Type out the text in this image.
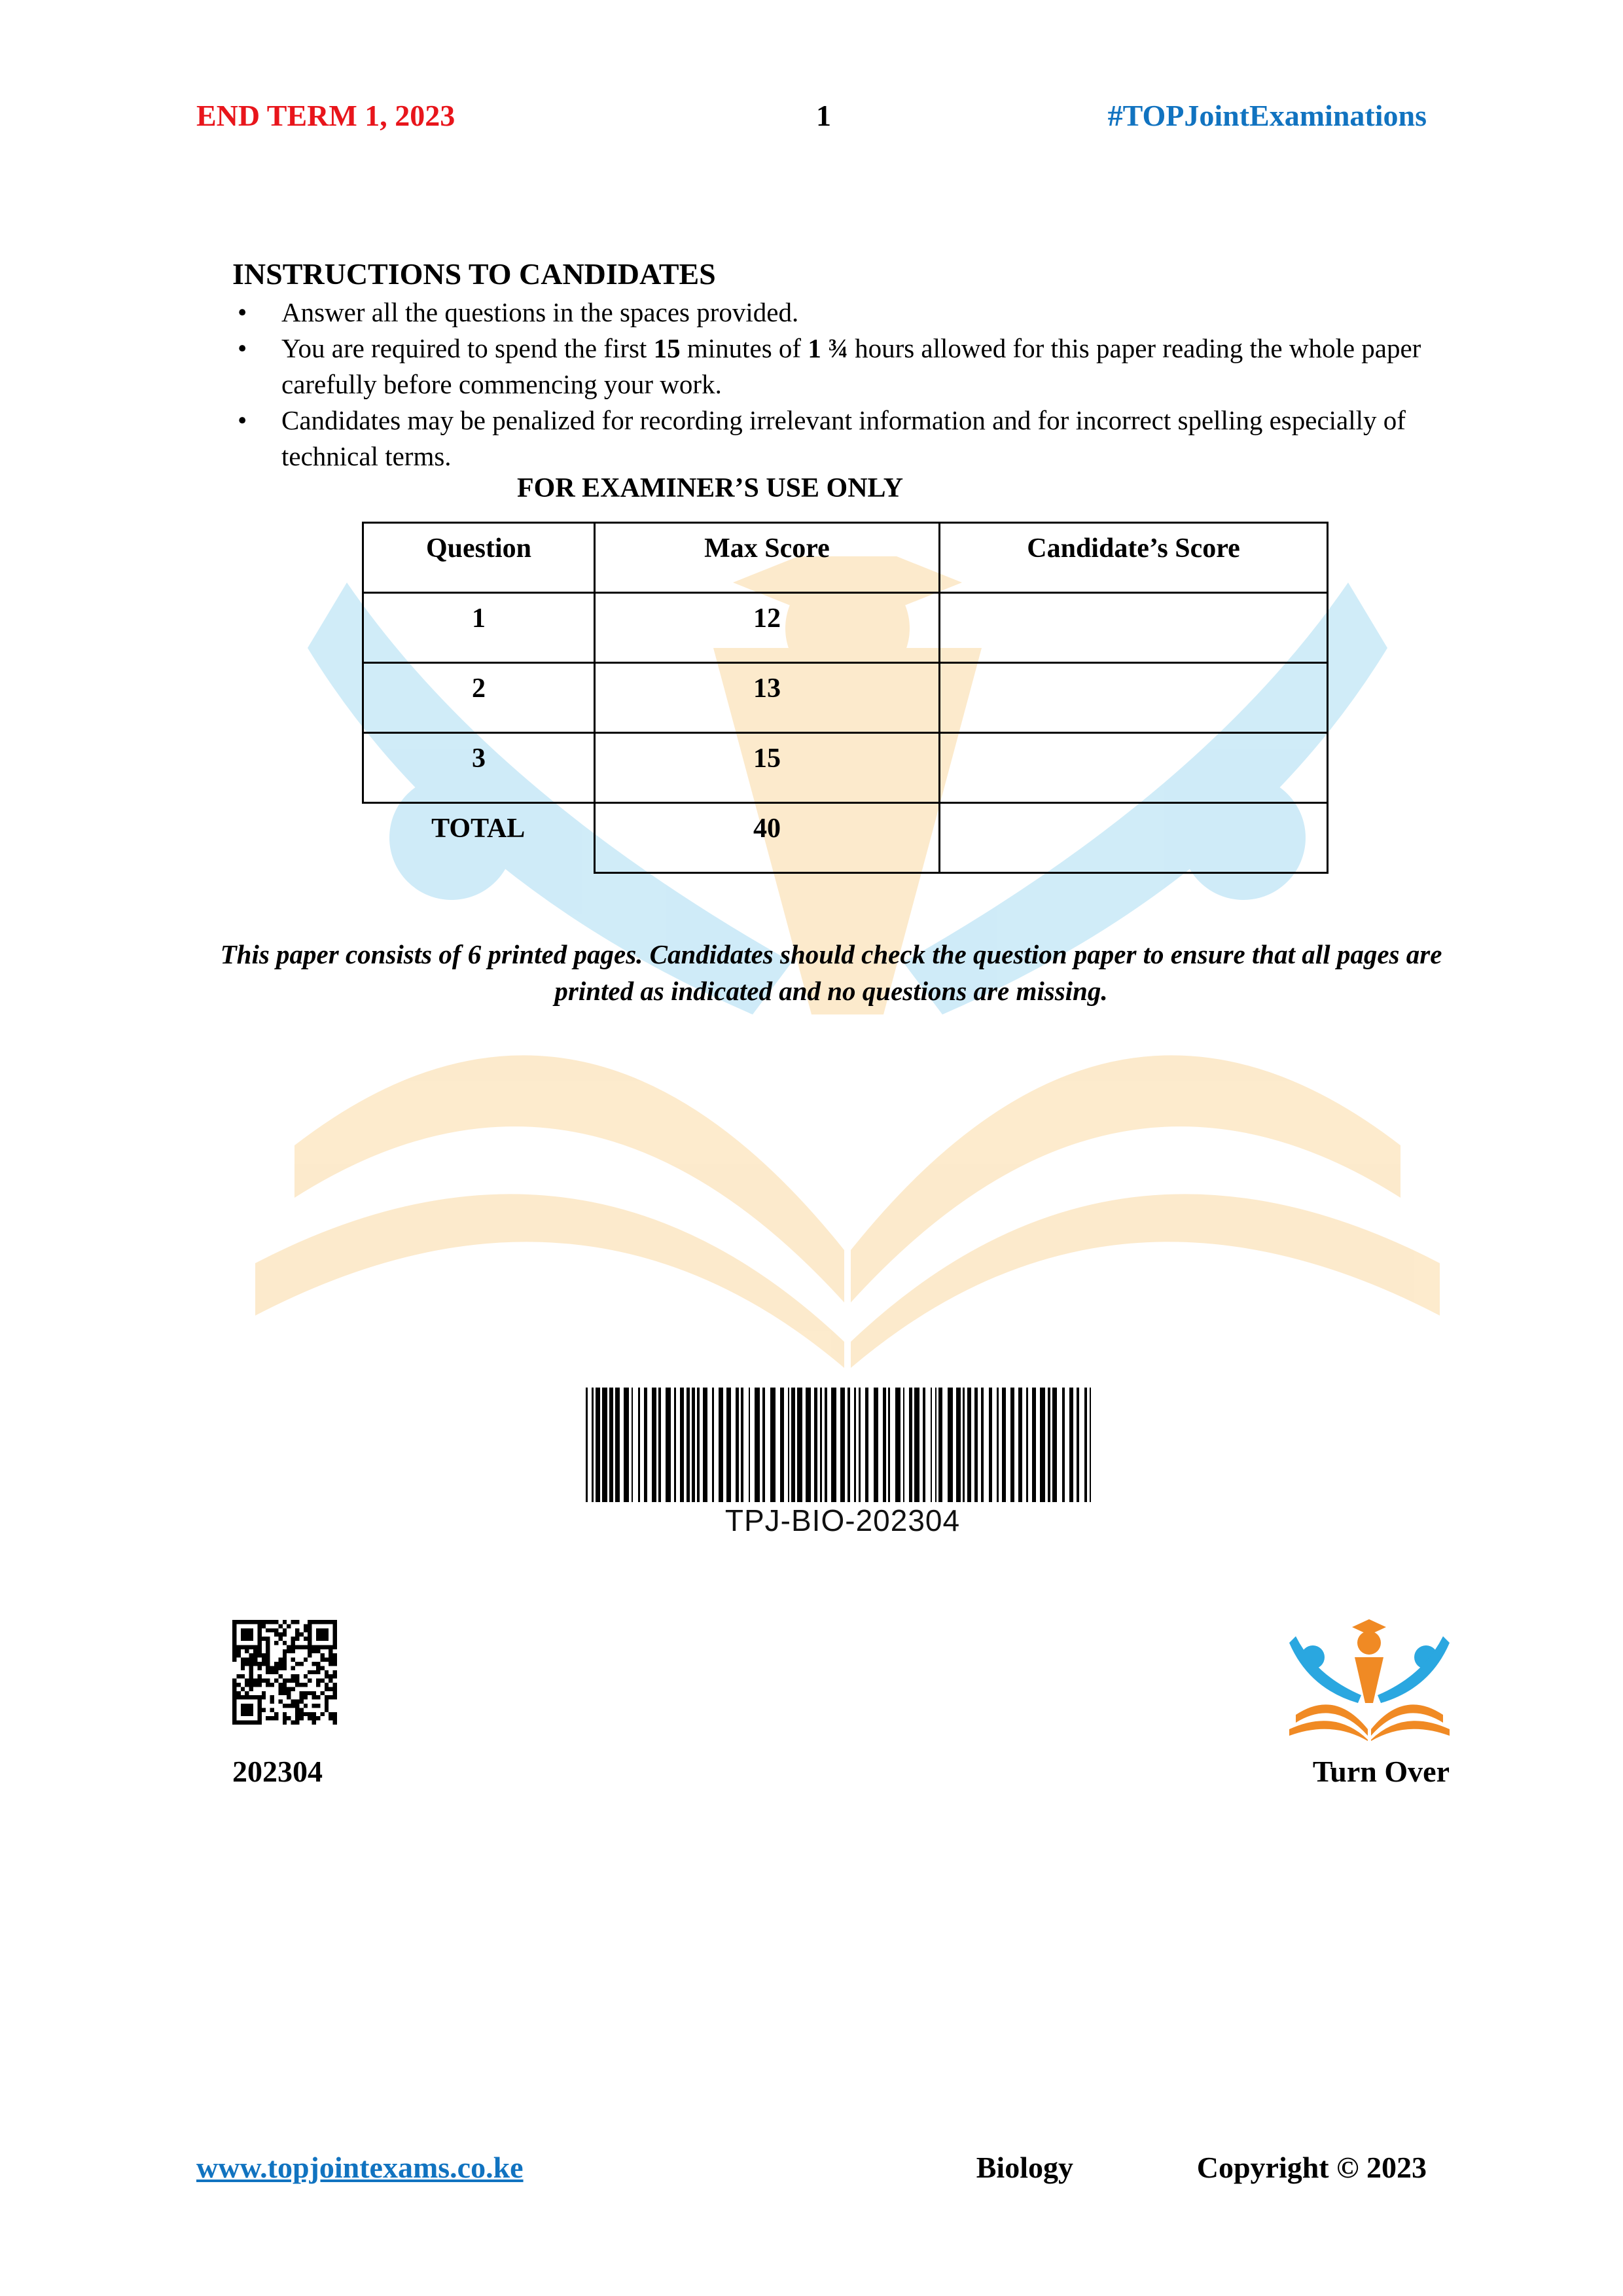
END TERM 1, 2023	1	#TOPJointExaminations
INSTRUCTIONS TO CANDIDATES
• Answer all the questions in the spaces provided.
• You are required to spend the first 15 minutes of 1 ¾ hours allowed for this paper reading the whole paper carefully before commencing your work.
• Candidates may be penalized for recording irrelevant information and for incorrect spelling especially of technical terms.
FOR EXAMINER’S USE ONLY
Question	Max Score	Candidate’s Score

1	12	

2	13	

3	15	

TOTAL	40	

This paper consists of 6 printed pages. Candidates should check the question paper to ensure that all pages are printed as indicated and no questions are missing.
TPJ-BIO-202304
202304	Turn Over
www.topjointexams.co.ke	Biology	Copyright © 2023
